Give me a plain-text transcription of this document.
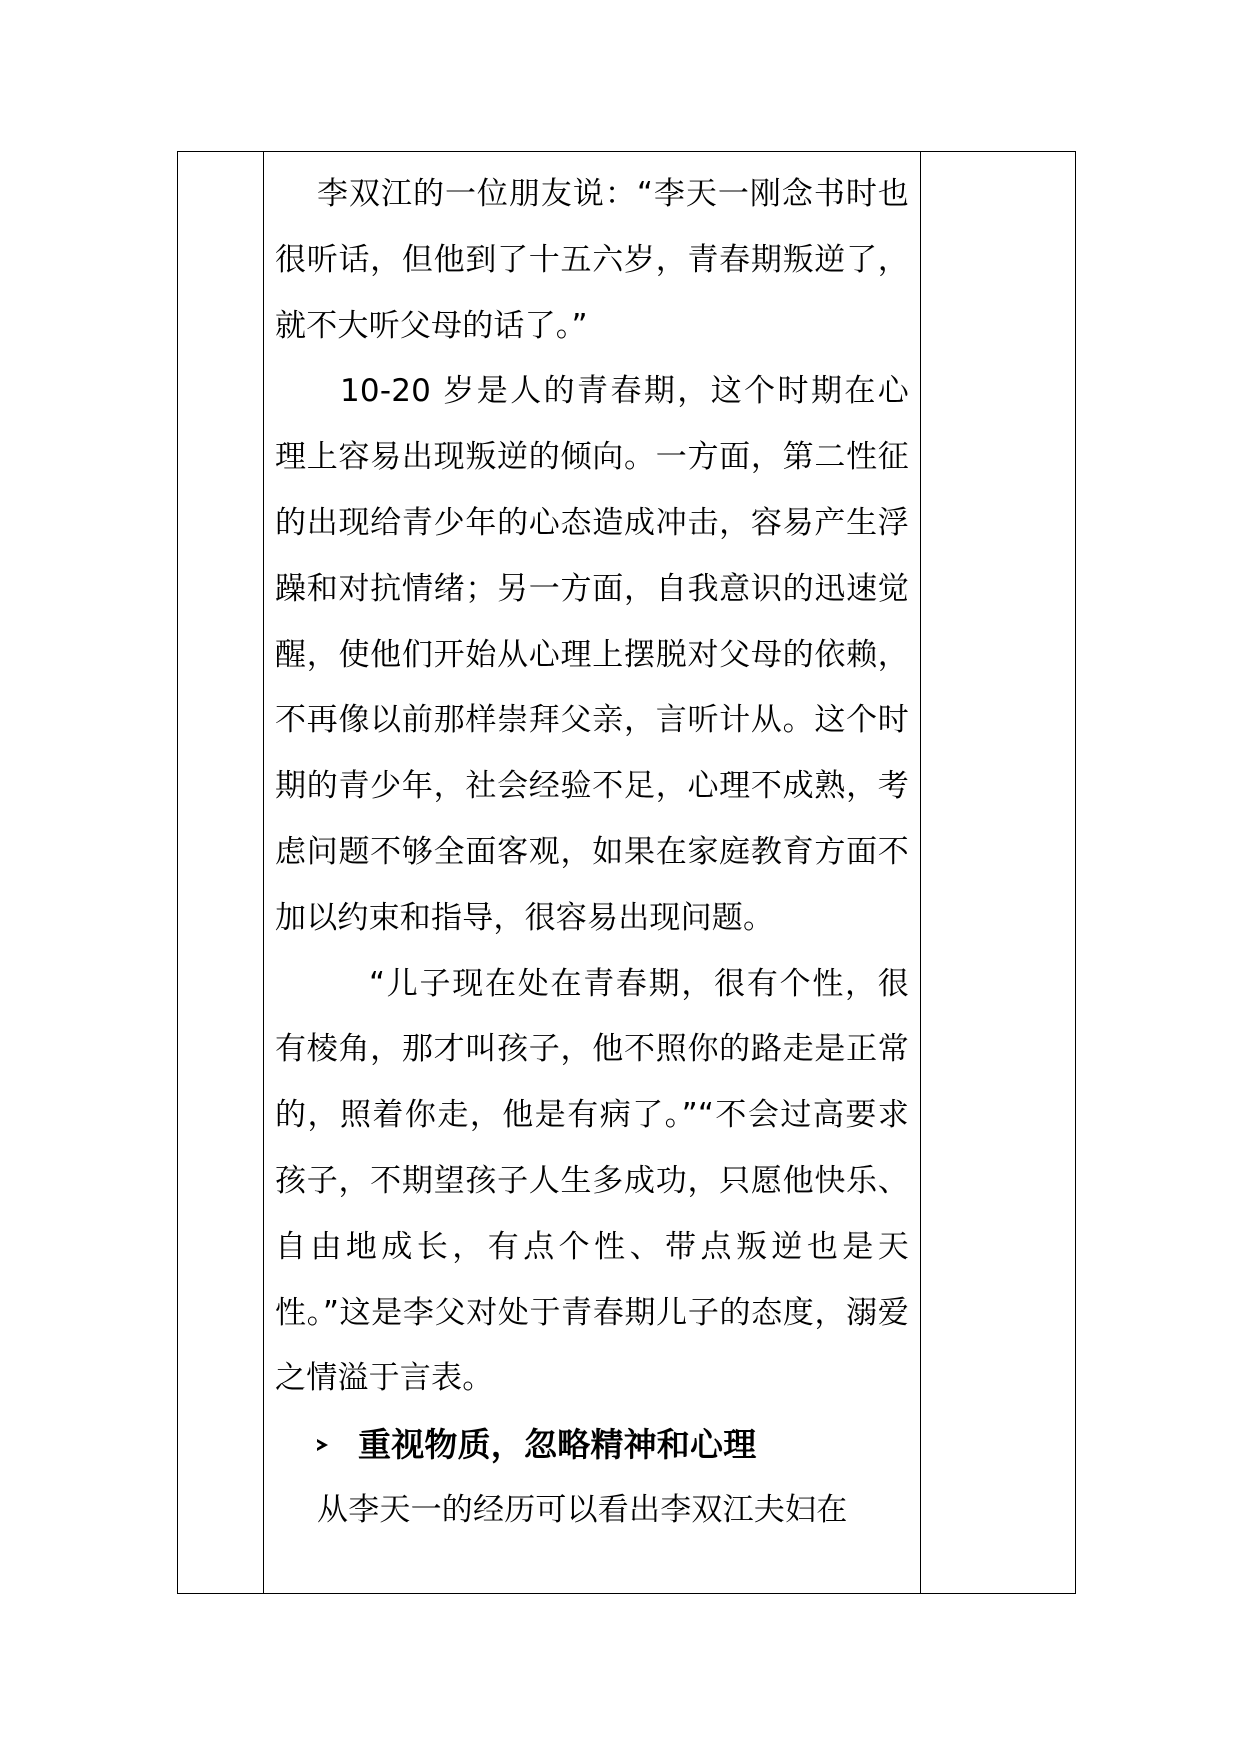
李双江的一位朋友说：“李天一刚念书时也很听话，但他到了十五六岁，青春期叛逆了，就不大听父母的话了。”

10-20 岁是人的青春期，这个时期在心理上容易出现叛逆的倾向。一方面，第二性征的出现给青少年的心态造成冲击，容易产生浮躁和对抗情绪；另一方面，自我意识的迅速觉醒，使他们开始从心理上摆脱对父母的依赖，不再像以前那样崇拜父亲，言听计从。这个时期的青少年，社会经验不足，心理不成熟，考虑问题不够全面客观，如果在家庭教育方面不加以约束和指导，很容易出现问题。

“儿子现在处在青春期，很有个性，很有棱角，那才叫孩子，他不照你的路走是正常的，照着你走，他是有病了。”“不会过高要求孩子，不期望孩子人生多成功，只愿他快乐、自由地成长，有点个性、带点叛逆也是天性。”这是李父对处于青春期儿子的态度，溺爱之情溢于言表。

重视物质，忽略精神和心理

从李天一的经历可以看出李双江夫妇在
